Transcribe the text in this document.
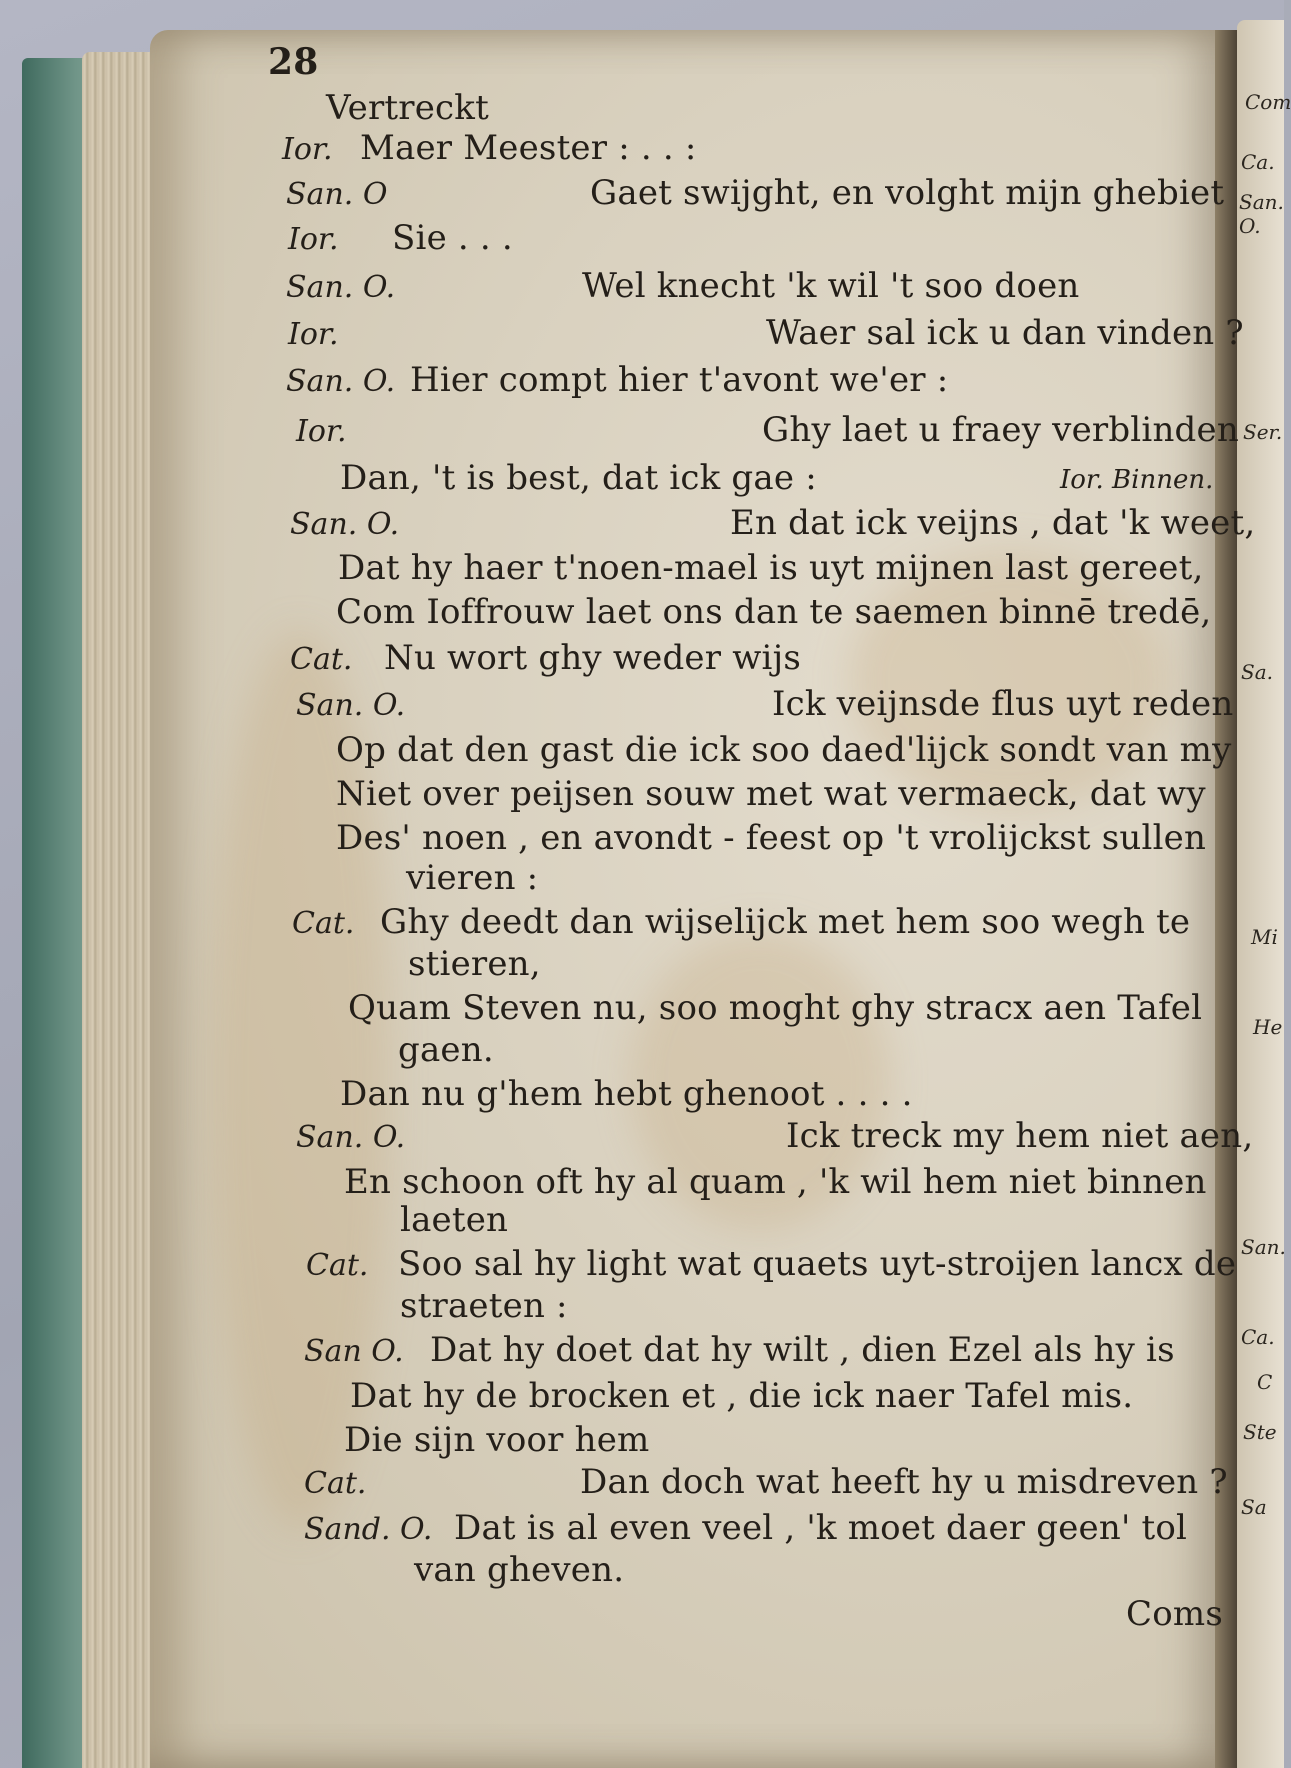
Com
Ca.
San. O.
Ser.
Sa.
Mi
He
San.
Ca.
Sa
Ste
C
28
Vertreckt
Ior. Maer Meester : . . :
San. O	Gaet swijght, en volght mijn ghebiet
Ior. Sie . . .
San. O.	Wel knecht 'k wil 't soo doen
Ior.	Waer sal ick u dan vinden ?
San. O. Hier compt hier t'avont we'er :
Ior.	Ghy laet u fraey verblinden
Dan, 't is best, dat ick gae :	Ior. Binnen.
San. O.	En dat ick veijns , dat 'k weet,
Dat hy haer t'noen-mael is uyt mijnen last gereet,
Com Ioffrouw laet ons dan te saemen binnē tredē,
Cat. Nu wort ghy weder wijs
San. O.	Ick veijnsde flus uyt reden
Op dat den gast die ick soo daed'lijck sondt van my
Niet over peijsen souw met wat vermaeck, dat wy
Des' noen , en avondt - feest op 't vrolijckst sullen
vieren :
Cat. Ghy deedt dan wijselijck met hem soo wegh te
stieren,
Quam Steven nu, soo moght ghy stracx aen Tafel
gaen.
Dan nu g'hem hebt ghenoot . . . .
San. O.	Ick treck my hem niet aen,
En schoon oft hy al quam , 'k wil hem niet binnen
laeten
Cat. Soo sal hy light wat quaets uyt-stroijen lancx de
straeten :
San O. Dat hy doet dat hy wilt , dien Ezel als hy is
Dat hy de brocken et , die ick naer Tafel mis.
Die sijn voor hem
Cat.	Dan doch wat heeft hy u misdreven ?
Sand. O. Dat is al even veel , 'k moet daer geen' tol
van gheven.
Coms
